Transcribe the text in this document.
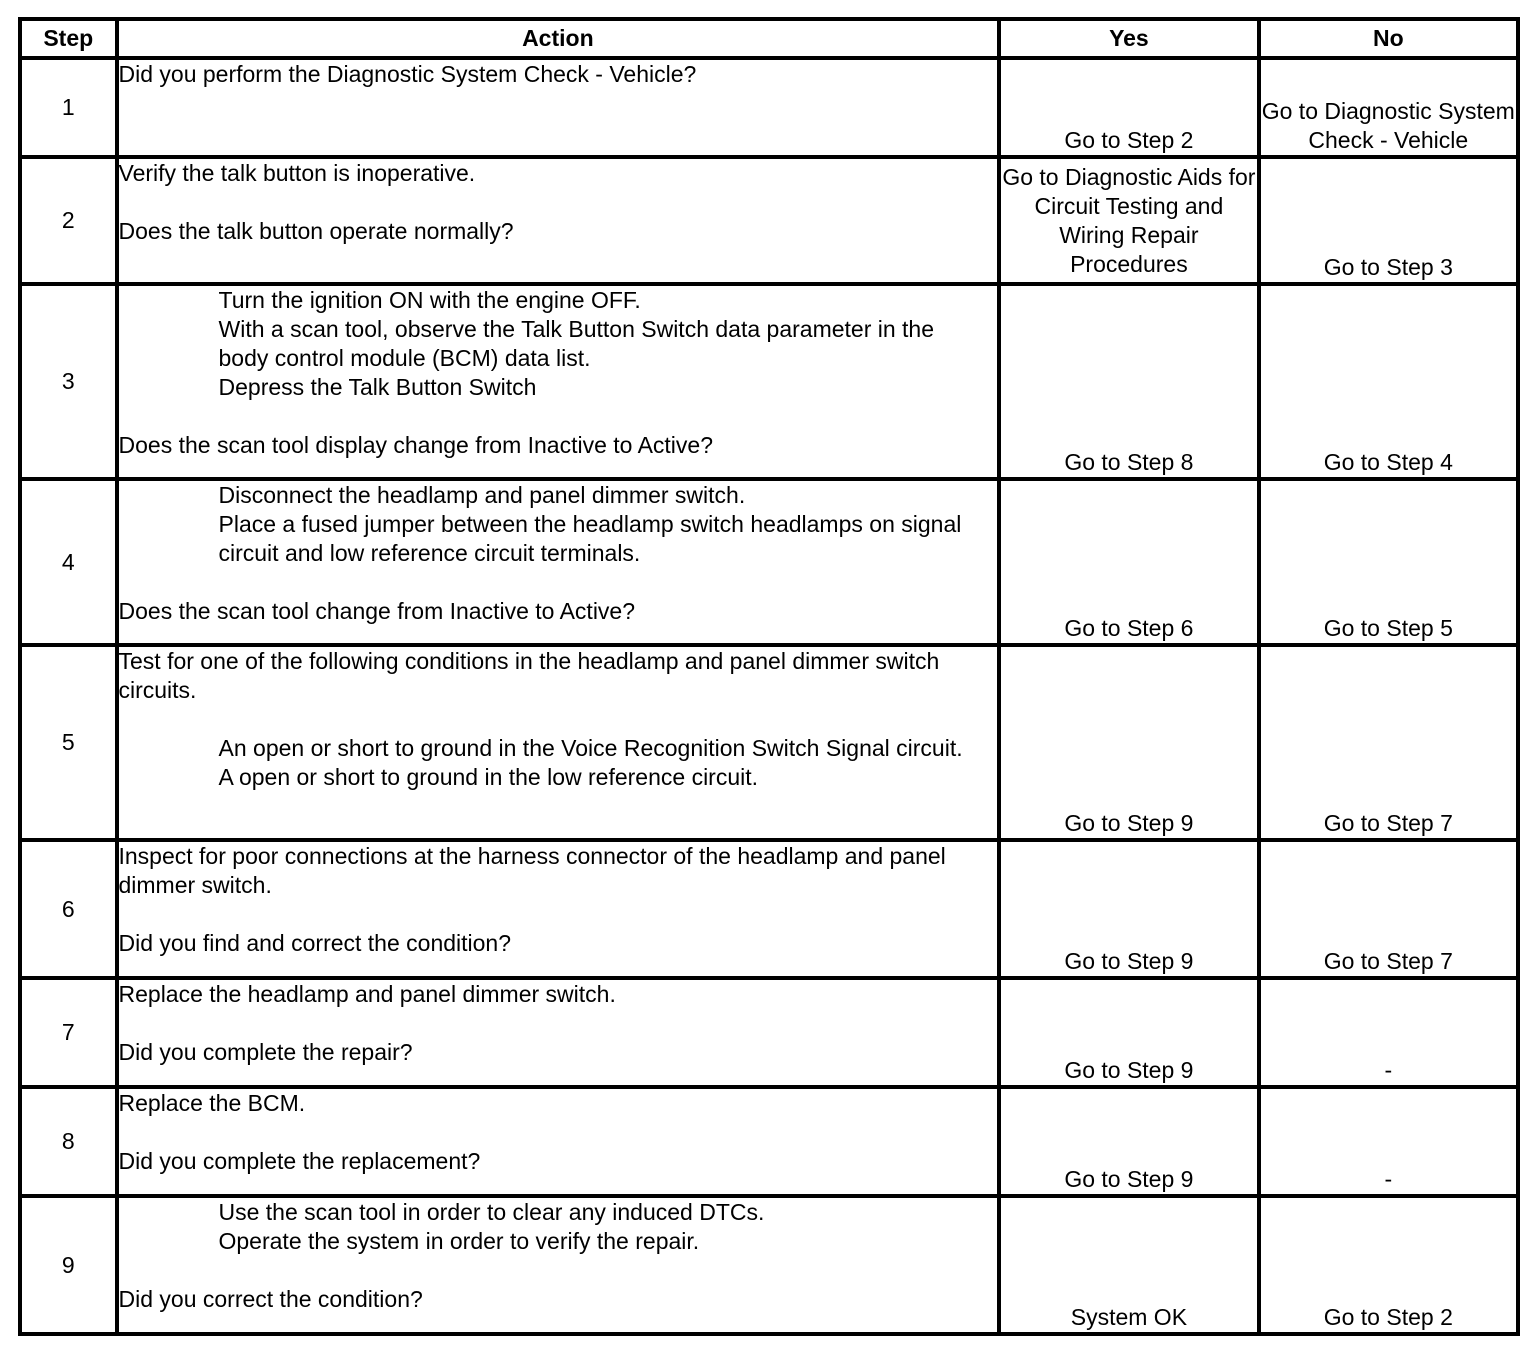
Step	Action	Yes	No
1	Did you perform the Diagnostic System Check - Vehicle?	Go to Step 2	Go to Diagnostic System Check - Vehicle
2	Verify the talk button is inoperative.
Does the talk button operate normally?	Go to Diagnostic Aids for Circuit Testing and Wiring Repair Procedures	Go to Step 3
3	Turn the ignition ON with the engine OFF.
With a scan tool, observe the Talk Button Switch data parameter in the body control module (BCM) data list.
Depress the Talk Button Switch
Does the scan tool display change from Inactive to Active?	Go to Step 8	Go to Step 4
4	Disconnect the headlamp and panel dimmer switch.
Place a fused jumper between the headlamp switch headlamps on signal circuit and low reference circuit terminals.
Does the scan tool change from Inactive to Active?	Go to Step 6	Go to Step 5
5	Test for one of the following conditions in the headlamp and panel dimmer switch circuits.
An open or short to ground in the Voice Recognition Switch Signal circuit.
A open or short to ground in the low reference circuit.	Go to Step 9	Go to Step 7
6	Inspect for poor connections at the harness connector of the headlamp and panel dimmer switch.
Did you find and correct the condition?	Go to Step 9	Go to Step 7
7	Replace the headlamp and panel dimmer switch.
Did you complete the repair?	Go to Step 9	-
8	Replace the BCM.
Did you complete the replacement?	Go to Step 9	-
9	Use the scan tool in order to clear any induced DTCs.
Operate the system in order to verify the repair.
Did you correct the condition?	System OK	Go to Step 2
